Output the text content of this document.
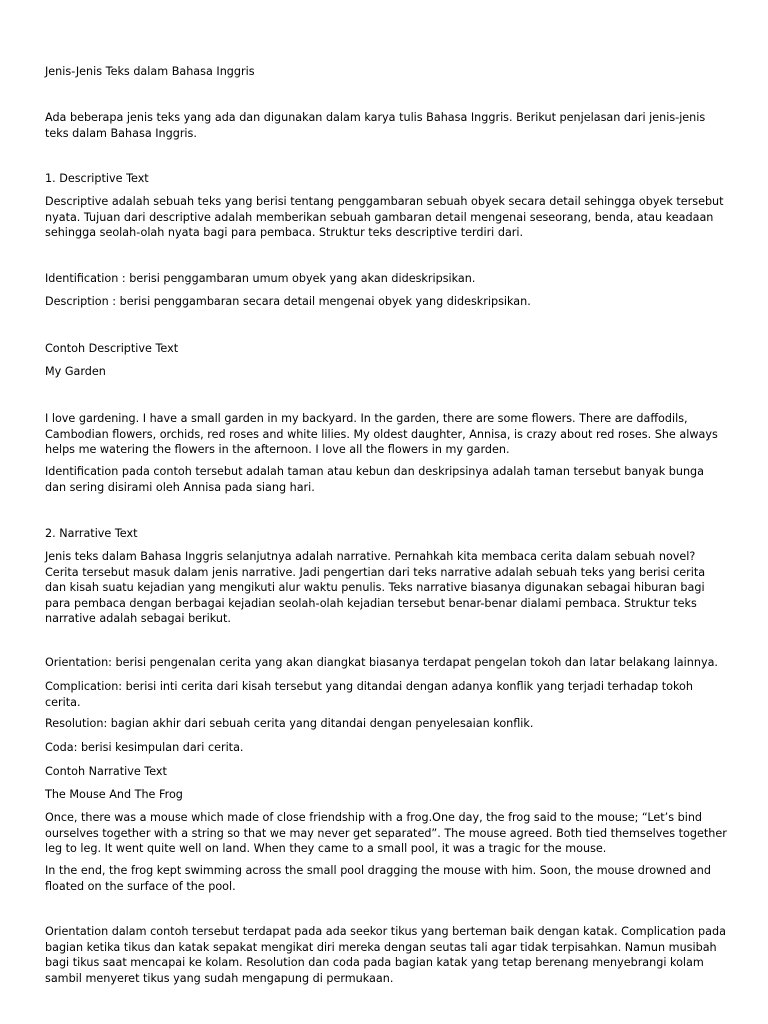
Jenis-Jenis Teks dalam Bahasa Inggris

Ada beberapa jenis teks yang ada dan digunakan dalam karya tulis Bahasa Inggris. Berikut penjelasan dari jenis-jenis teks dalam Bahasa Inggris.

1. Descriptive Text

Descriptive adalah sebuah teks yang berisi tentang penggambaran sebuah obyek secara detail sehingga obyek tersebut nyata. Tujuan dari descriptive adalah memberikan sebuah gambaran detail mengenai seseorang, benda, atau keadaan sehingga seolah-olah nyata bagi para pembaca. Struktur teks descriptive terdiri dari.

Identification : berisi penggambaran umum obyek yang akan dideskripsikan.

Description : berisi penggambaran secara detail mengenai obyek yang dideskripsikan.

Contoh Descriptive Text

My Garden

I love gardening. I have a small garden in my backyard. In the garden, there are some flowers. There are daffodils, Cambodian flowers, orchids, red roses and white lilies. My oldest daughter, Annisa, is crazy about red roses. She always helps me watering the flowers in the afternoon. I love all the flowers in my garden.

Identification pada contoh tersebut adalah taman atau kebun dan deskripsinya adalah taman tersebut banyak bunga dan sering disirami oleh Annisa pada siang hari.

2. Narrative Text

Jenis teks dalam Bahasa Inggris selanjutnya adalah narrative. Pernahkah kita membaca cerita dalam sebuah novel? Cerita tersebut masuk dalam jenis narrative. Jadi pengertian dari teks narrative adalah sebuah teks yang berisi cerita dan kisah suatu kejadian yang mengikuti alur waktu penulis. Teks narrative biasanya digunakan sebagai hiburan bagi para pembaca dengan berbagai kejadian seolah-olah kejadian tersebut benar-benar dialami pembaca. Struktur teks narrative adalah sebagai berikut.

Orientation: berisi pengenalan cerita yang akan diangkat biasanya terdapat pengelan tokoh dan latar belakang lainnya.

Complication: berisi inti cerita dari kisah tersebut yang ditandai dengan adanya konflik yang terjadi terhadap tokoh cerita.

Resolution: bagian akhir dari sebuah cerita yang ditandai dengan penyelesaian konflik.

Coda: berisi kesimpulan dari cerita.

Contoh Narrative Text

The Mouse And The Frog

Once, there was a mouse which made of close friendship with a frog.One day, the frog said to the mouse; “Let’s bind ourselves together with a string so that we may never get separated”. The mouse agreed. Both tied themselves together leg to leg. It went quite well on land. When they came to a small pool, it was a tragic for the mouse.

In the end, the frog kept swimming across the small pool dragging the mouse with him. Soon, the mouse drowned and floated on the surface of the pool.

Orientation dalam contoh tersebut terdapat pada ada seekor tikus yang berteman baik dengan katak. Complication pada bagian ketika tikus dan katak sepakat mengikat diri mereka dengan seutas tali agar tidak terpisahkan. Namun musibah bagi tikus saat mencapai ke kolam. Resolution dan coda pada bagian katak yang tetap berenang menyebrangi kolam sambil menyeret tikus yang sudah mengapung di permukaan.
